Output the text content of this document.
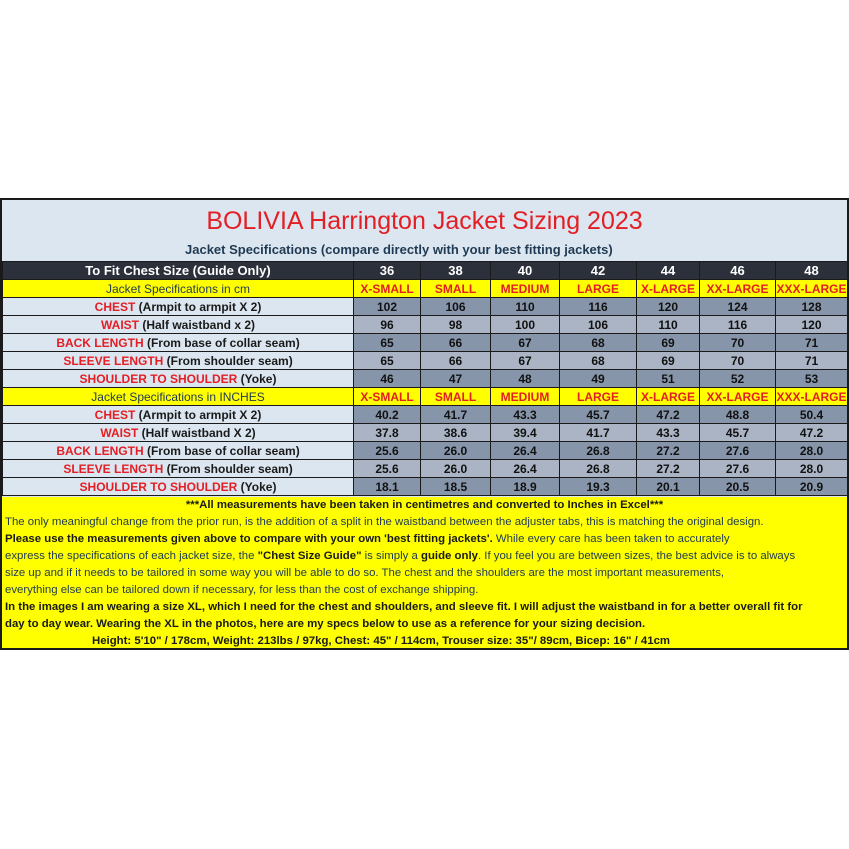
BOLIVIA Harrington Jacket Sizing 2023
Jacket Specifications (compare directly with your best fitting jackets)
To Fit Chest Size (Guide Only)	36	38	40	42	44	46	48
Jacket Specifications in cm	X-SMALL	SMALL	MEDIUM	LARGE	X-LARGE	XX-LARGE	XXX-LARGE
CHEST (Armpit to armpit X 2)	102	106	110	116	120	124	128
WAIST (Half waistband x 2)	96	98	100	106	110	116	120
BACK LENGTH (From base of collar seam)	65	66	67	68	69	70	71
SLEEVE LENGTH (From shoulder seam)	65	66	67	68	69	70	71
SHOULDER TO SHOULDER (Yoke)	46	47	48	49	51	52	53
Jacket Specifications in INCHES	X-SMALL	SMALL	MEDIUM	LARGE	X-LARGE	XX-LARGE	XXX-LARGE
CHEST (Armpit to armpit X 2)	40.2	41.7	43.3	45.7	47.2	48.8	50.4
WAIST (Half waistband X 2)	37.8	38.6	39.4	41.7	43.3	45.7	47.2
BACK LENGTH (From base of collar seam)	25.6	26.0	26.4	26.8	27.2	27.6	28.0
SLEEVE LENGTH (From shoulder seam)	25.6	26.0	26.4	26.8	27.2	27.6	28.0
SHOULDER TO SHOULDER (Yoke)	18.1	18.5	18.9	19.3	20.1	20.5	20.9

***All measurements have been taken in centimetres and converted to Inches in Excel***

The only meaningful change from the prior run, is the addition of a split in the waistband between the adjuster tabs, this is matching the original design.

Please use the measurements given above to compare with your own 'best fitting jackets'. While every care has been taken to accurately

express the specifications of each jacket size, the "Chest Size Guide" is simply a guide only. If you feel you are between sizes, the best advice is to always

size up and if it needs to be tailored in some way you will be able to do so. The chest and the shoulders are the most important measurements,

everything else can be tailored down if necessary, for less than the cost of exchange shipping.

In the images I am wearing a size XL, which I need for the chest and shoulders, and sleeve fit. I will adjust the waistband in for a better overall fit for

day to day wear. Wearing the XL in the photos, here are my specs below to use as a reference for your sizing decision.

Height: 5'10" / 178cm, Weight: 213lbs / 97kg, Chest: 45" / 114cm, Trouser size: 35"/ 89cm, Bicep: 16" / 41cm
